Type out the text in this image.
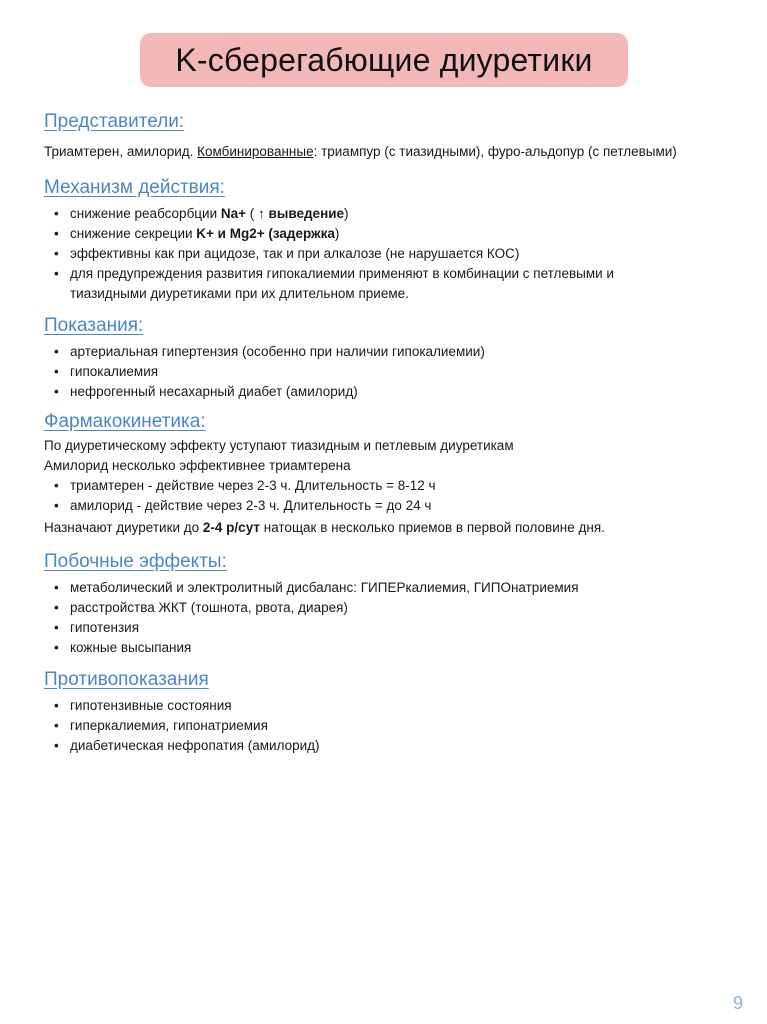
K-сберегабющие диуретики

Представители:

Триамтерен, амилорид. Комбинированные: триампур (с тиазидными), фуро-альдопур (с петлевыми)

Механизм действия:

• снижение реабсорбции Na+ ( ↑ выведение)
• снижение секреции K+ и Mg2+ (задержка)
• эффективны как при ацидозе, так и при алкалозе (не нарушается КОС)
• для предупреждения развития гипокалиемии применяют в комбинации с петлевыми и
тиазидными диуретиками при их длительном приеме.

Показания:

• артериальная гипертензия (особенно при наличии гипокалиемии)
• гипокалиемия
• нефрогенный несахарный диабет (амилорид)

Фармакокинетика:

По диуретическому эффекту уступают тиазидным и петлевым диуретикам

Амилорид несколько эффективнее триамтерена

• триамтерен - действие через 2-3 ч. Длительность = 8-12 ч
• амилорид - действие через 2-3 ч. Длительность = до 24 ч

Назначают диуретики до 2-4 р/сут натощак в несколько приемов в первой половине дня.

Побочные эффекты:

• метаболический и электролитный дисбаланс: ГИПЕРкалиемия, ГИПОнатриемия
• расстройства ЖКТ (тошнота, рвота, диарея)
• гипотензия
• кожные высыпания

Противопоказания

• гипотензивные состояния
• гиперкалиемия, гипонатриемия
• диабетическая нефропатия (амилорид)
9
